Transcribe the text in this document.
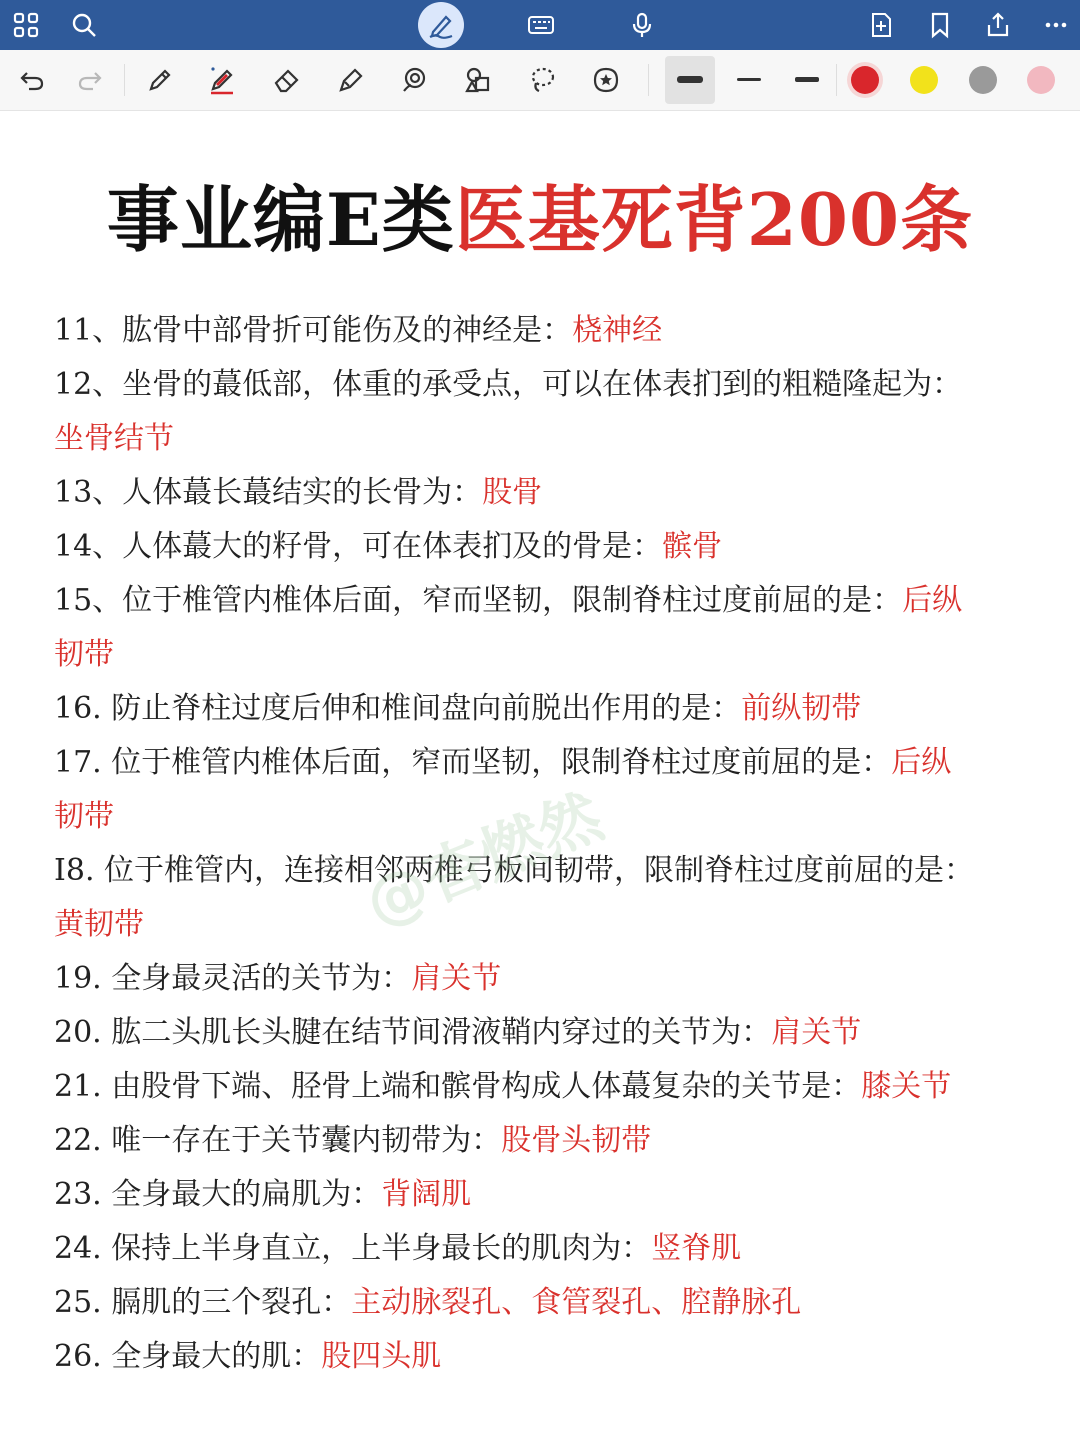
事业编E类医基死背200条
11、肱骨中部骨折可能伤及的神经是：桡神经
12、坐骨的蕞低部，体重的承受点，可以在体表扪到的粗糙隆起为：
坐骨结节
13、人体蕞长蕞结实的长骨为：股骨
14、人体蕞大的籽骨，可在体表扪及的骨是：髌骨
15、位于椎管内椎体后面，窄而坚韧，限制脊柱过度前屈的是：后纵
韧带
16. 防止脊柱过度后伸和椎间盘向前脱出作用的是：前纵韧带
17. 位于椎管内椎体后面，窄而坚韧，限制脊柱过度前屈的是：后纵
韧带
I8. 位于椎管内，连接相邻两椎弓板间韧带，限制脊柱过度前屈的是：
黄韧带
19. 全身最灵活的关节为：肩关节
20. 肱二头肌长头腱在结节间滑液鞘内穿过的关节为：肩关节
21. 由股骨下端、胫骨上端和髌骨构成人体蕞复杂的关节是：膝关节
22. 唯一存在于关节囊内韧带为：股骨头韧带
23. 全身最大的扁肌为：背阔肌
24. 保持上半身直立，上半身最长的肌肉为：竖脊肌
25. 膈肌的三个裂孔：主动脉裂孔、食管裂孔、腔静脉孔
26. 全身最大的肌：股四头肌
@杳燃然
